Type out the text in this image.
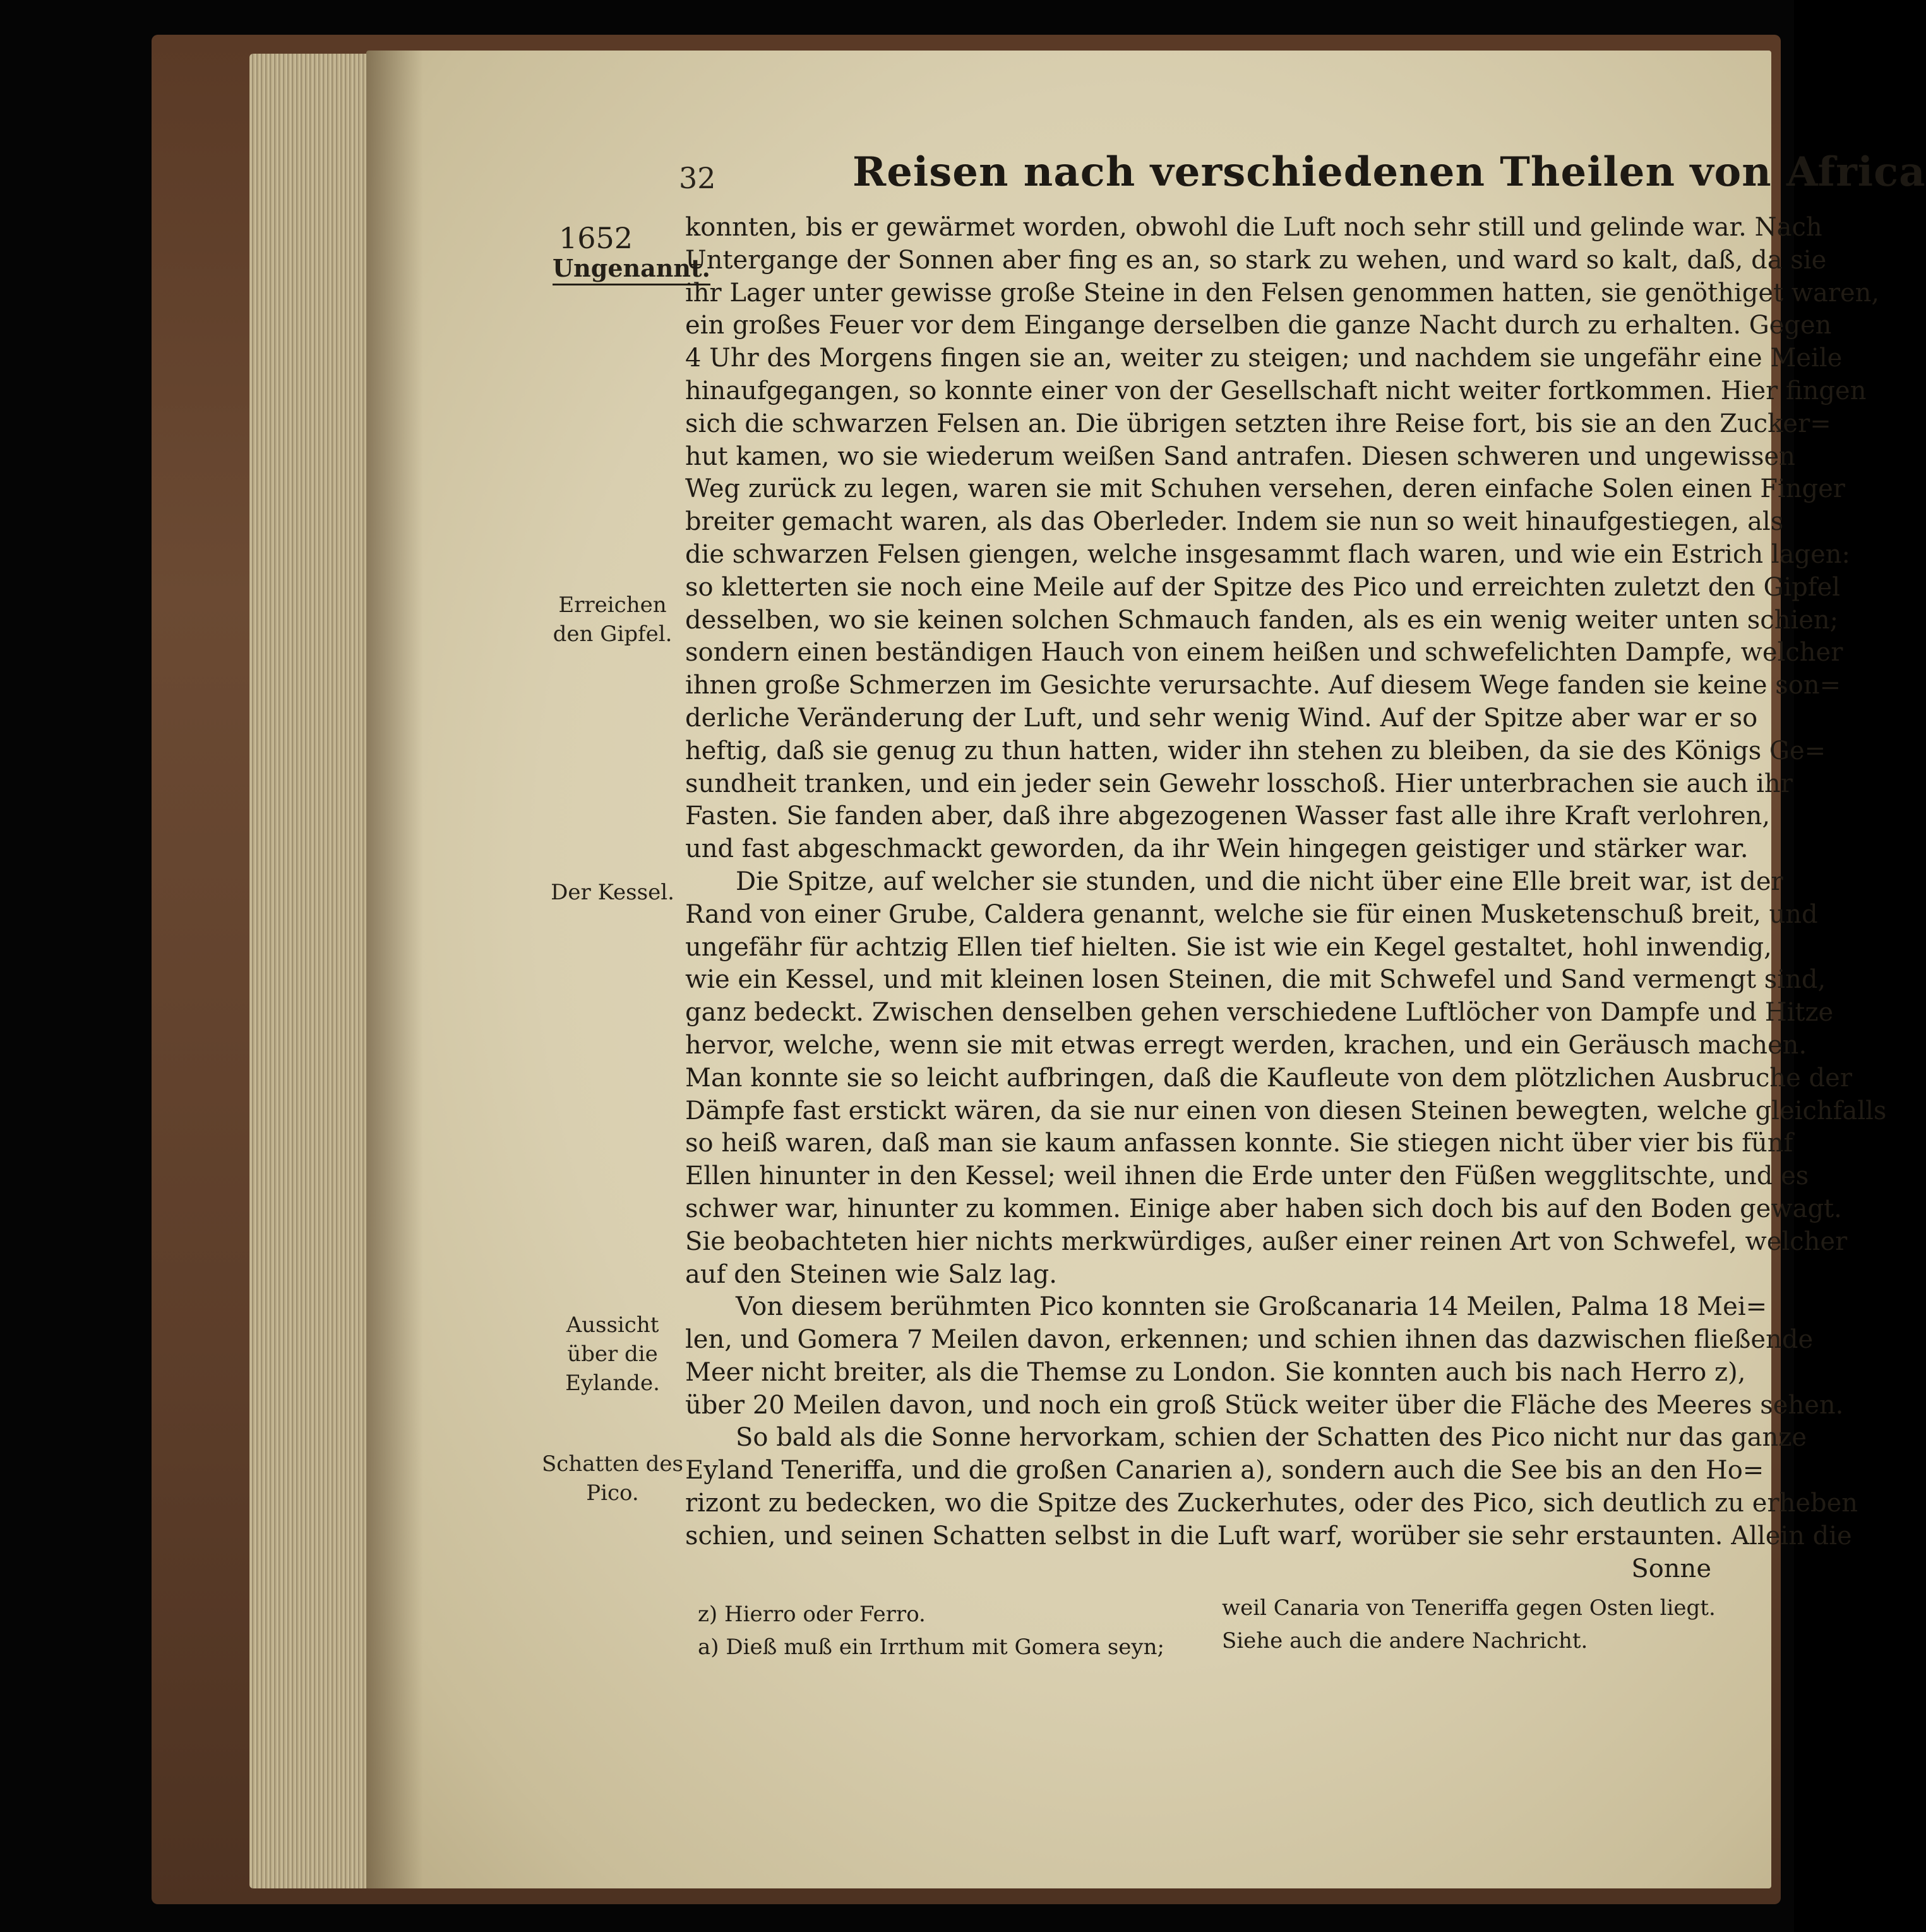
32	Reisen nach verschiedenen Theilen von Africa
1652
Ungenannt.
Erreichen den Gipfel.
Der Kessel.
Aussicht über die Eylande.
Schatten des Pico.
konnten, bis er gewärmet worden, obwohl die Luft noch sehr still und gelinde war. Nach
Untergange der Sonnen aber fing es an, so stark zu wehen, und ward so kalt, daß, da sie
ihr Lager unter gewisse große Steine in den Felsen genommen hatten, sie genöthiget waren,
ein großes Feuer vor dem Eingange derselben die ganze Nacht durch zu erhalten. Gegen
4 Uhr des Morgens fingen sie an, weiter zu steigen; und nachdem sie ungefähr eine Meile
hinaufgegangen, so konnte einer von der Gesellschaft nicht weiter fortkommen. Hier fingen
sich die schwarzen Felsen an. Die übrigen setzten ihre Reise fort, bis sie an den Zucker=
hut kamen, wo sie wiederum weißen Sand antrafen. Diesen schweren und ungewissen
Weg zurück zu legen, waren sie mit Schuhen versehen, deren einfache Solen einen Finger
breiter gemacht waren, als das Oberleder. Indem sie nun so weit hinaufgestiegen, als
die schwarzen Felsen giengen, welche insgesammt flach waren, und wie ein Estrich lagen:
so kletterten sie noch eine Meile auf der Spitze des Pico und erreichten zuletzt den Gipfel
desselben, wo sie keinen solchen Schmauch fanden, als es ein wenig weiter unten schien;
sondern einen beständigen Hauch von einem heißen und schwefelichten Dampfe, welcher
ihnen große Schmerzen im Gesichte verursachte. Auf diesem Wege fanden sie keine son=
derliche Veränderung der Luft, und sehr wenig Wind. Auf der Spitze aber war er so
heftig, daß sie genug zu thun hatten, wider ihn stehen zu bleiben, da sie des Königs Ge=
sundheit tranken, und ein jeder sein Gewehr losschoß. Hier unterbrachen sie auch ihr
Fasten. Sie fanden aber, daß ihre abgezogenen Wasser fast alle ihre Kraft verlohren,
und fast abgeschmackt geworden, da ihr Wein hingegen geistiger und stärker war.
Die Spitze, auf welcher sie stunden, und die nicht über eine Elle breit war, ist der
Rand von einer Grube, Caldera genannt, welche sie für einen Musketenschuß breit, und
ungefähr für achtzig Ellen tief hielten. Sie ist wie ein Kegel gestaltet, hohl inwendig,
wie ein Kessel, und mit kleinen losen Steinen, die mit Schwefel und Sand vermengt sind,
ganz bedeckt. Zwischen denselben gehen verschiedene Luftlöcher von Dampfe und Hitze
hervor, welche, wenn sie mit etwas erregt werden, krachen, und ein Geräusch machen.
Man konnte sie so leicht aufbringen, daß die Kaufleute von dem plötzlichen Ausbruche der
Dämpfe fast erstickt wären, da sie nur einen von diesen Steinen bewegten, welche gleichfalls
so heiß waren, daß man sie kaum anfassen konnte. Sie stiegen nicht über vier bis fünf
Ellen hinunter in den Kessel; weil ihnen die Erde unter den Füßen wegglitschte, und es
schwer war, hinunter zu kommen. Einige aber haben sich doch bis auf den Boden gewagt.
Sie beobachteten hier nichts merkwürdiges, außer einer reinen Art von Schwefel, welcher
auf den Steinen wie Salz lag.
Von diesem berühmten Pico konnten sie Großcanaria 14 Meilen, Palma 18 Mei=
len, und Gomera 7 Meilen davon, erkennen; und schien ihnen das dazwischen fließende
Meer nicht breiter, als die Themse zu London. Sie konnten auch bis nach Herro z),
über 20 Meilen davon, und noch ein groß Stück weiter über die Fläche des Meeres sehen.
So bald als die Sonne hervorkam, schien der Schatten des Pico nicht nur das ganze
Eyland Teneriffa, und die großen Canarien a), sondern auch die See bis an den Ho=
rizont zu bedecken, wo die Spitze des Zuckerhutes, oder des Pico, sich deutlich zu erheben
schien, und seinen Schatten selbst in die Luft warf, worüber sie sehr erstaunten. Allein die
Sonne
z) Hierro oder Ferro.
a) Dieß muß ein Irrthum mit Gomera seyn;
weil Canaria von Teneriffa gegen Osten liegt.
Siehe auch die andere Nachricht.
